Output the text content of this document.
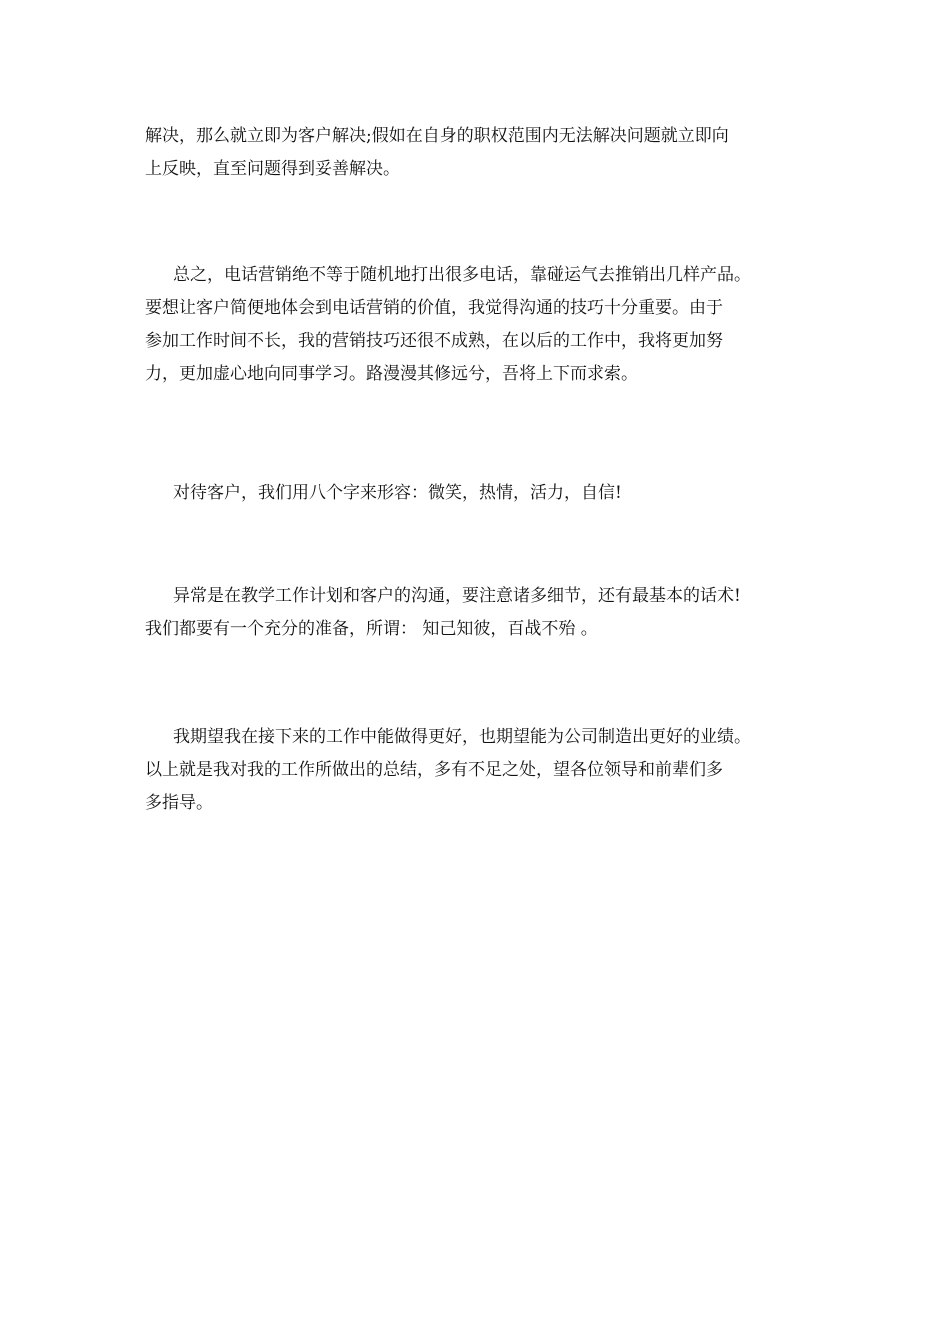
解决，那么就立即为客户解决;假如在自身的职权范围内无法解决问题就立即向
上反映，直至问题得到妥善解决。

总之，电话营销绝不等于随机地打出很多电话，靠碰运气去推销出几样产品。
要想让客户简便地体会到电话营销的价值，我觉得沟通的技巧十分重要。由于
参加工作时间不长，我的营销技巧还很不成熟，在以后的工作中，我将更加努
力，更加虚心地向同事学习。路漫漫其修远兮，吾将上下而求索。

对待客户，我们用八个字来形容：微笑，热情，活力，自信!

异常是在教学工作计划和客户的沟通，要注意诸多细节，还有最基本的话术!
我们都要有一个充分的准备，所谓： 知己知彼，百战不殆 。

我期望我在接下来的工作中能做得更好，也期望能为公司制造出更好的业绩。
以上就是我对我的工作所做出的总结，多有不足之处，望各位领导和前辈们多
多指导。
